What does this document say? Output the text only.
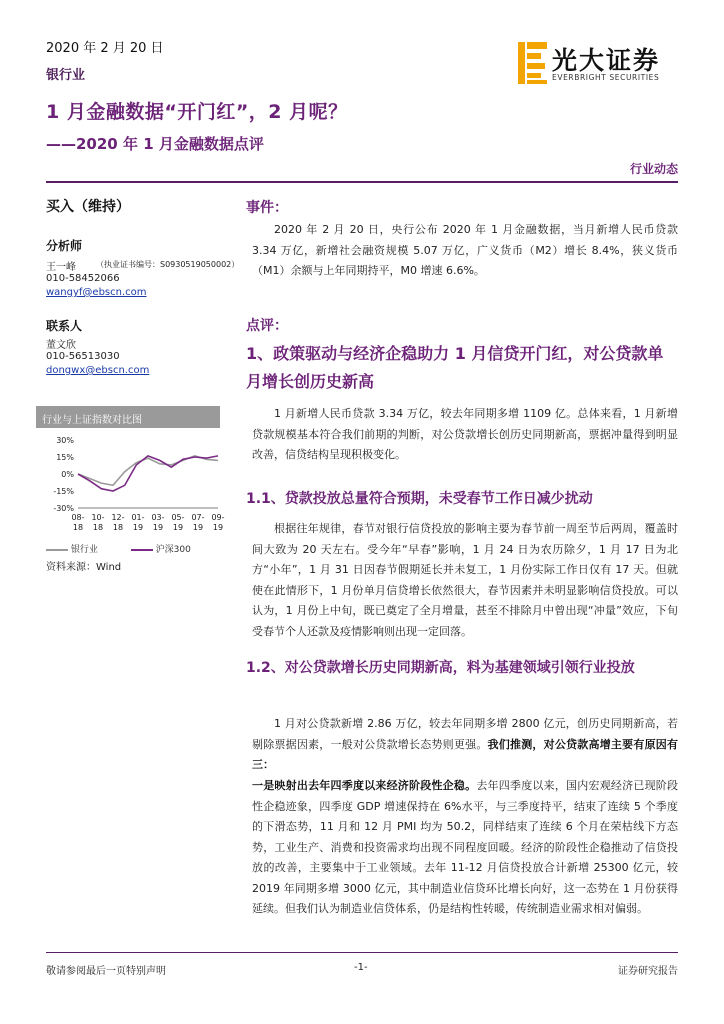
2020 年 2 月 20 日
银行业
1 月金融数据“开门红”，2 月呢？
——2020 年 1 月金融数据点评
光大证券
EVERBRIGHT SECURITIES
行业动态
买入（维持）
分析师
王一峰	（执业证书编号：S0930519050002）
010-58452066
wangyf@ebscn.com
联系人
董文欣
010-56513030
dongwx@ebscn.com
行业与上证指数对比图
30%
15%
0%
-15%
-30%
08-
18
10-
18
12-
18
01-
19
03-
19
05-
19
07-
19
09-
19
银行业	沪深300
资料来源：Wind
事件：
2020 年 2 月 20 日，央行公布 2020 年 1 月金融数据，当月新增人民币贷款 3.34 万亿，新增社会融资规模 5.07 万亿，广义货币（M2）增长 8.4%，狭义货币（M1）余额与上年同期持平，M0 增速 6.6%。
点评：
1、政策驱动与经济企稳助力 1 月信贷开门红，对公贷款单月增长创历史新高
1 月新增人民币贷款 3.34 万亿，较去年同期多增 1109 亿。总体来看，1 月新增贷款规模基本符合我们前期的判断，对公贷款增长创历史同期新高，票据冲量得到明显改善，信贷结构呈现积极变化。
1.1、贷款投放总量符合预期，未受春节工作日减少扰动
根据往年规律，春节对银行信贷投放的影响主要为春节前一周至节后两周，覆盖时间大致为 20 天左右。受今年“早春”影响，1 月 24 日为农历除夕，1 月 17 日为北方“小年”，1 月 31 日因春节假期延长并未复工，1 月份实际工作日仅有 17 天。但就使在此情形下，1 月份单月信贷增长依然很大，春节因素并未明显影响信贷投放。可以认为，1 月份上中旬，既已奠定了全月增量，甚至不排除月中曾出现“冲量”效应，下旬受春节个人还款及疫情影响则出现一定回落。
1.2、对公贷款增长历史同期新高，料为基建领域引领行业投放
1 月对公贷款新增 2.86 万亿，较去年同期多增 2800 亿元，创历史同期新高，若剔除票据因素，一般对公贷款增长态势则更强。我们推测，对公贷款高增主要有原因有三：
一是映射出去年四季度以来经济阶段性企稳。去年四季度以来，国内宏观经济已现阶段性企稳迹象，四季度 GDP 增速保持在 6%水平，与三季度持平，结束了连续 5 个季度的下滑态势，11 月和 12 月 PMI 均为 50.2，同样结束了连续 6 个月在荣枯线下方态势，工业生产、消费和投资需求均出现不同程度回暖。经济的阶段性企稳推动了信贷投放的改善，主要集中于工业领域。去年 11-12 月信贷投放合计新增 25300 亿元，较 2019 年同期多增 3000 亿元，其中制造业信贷环比增长向好，这一态势在 1 月份获得延续。但我们认为制造业信贷体系，仍是结构性转暖，传统制造业需求相对偏弱。
敬请参阅最后一页特别声明	-1-	证券研究报告
